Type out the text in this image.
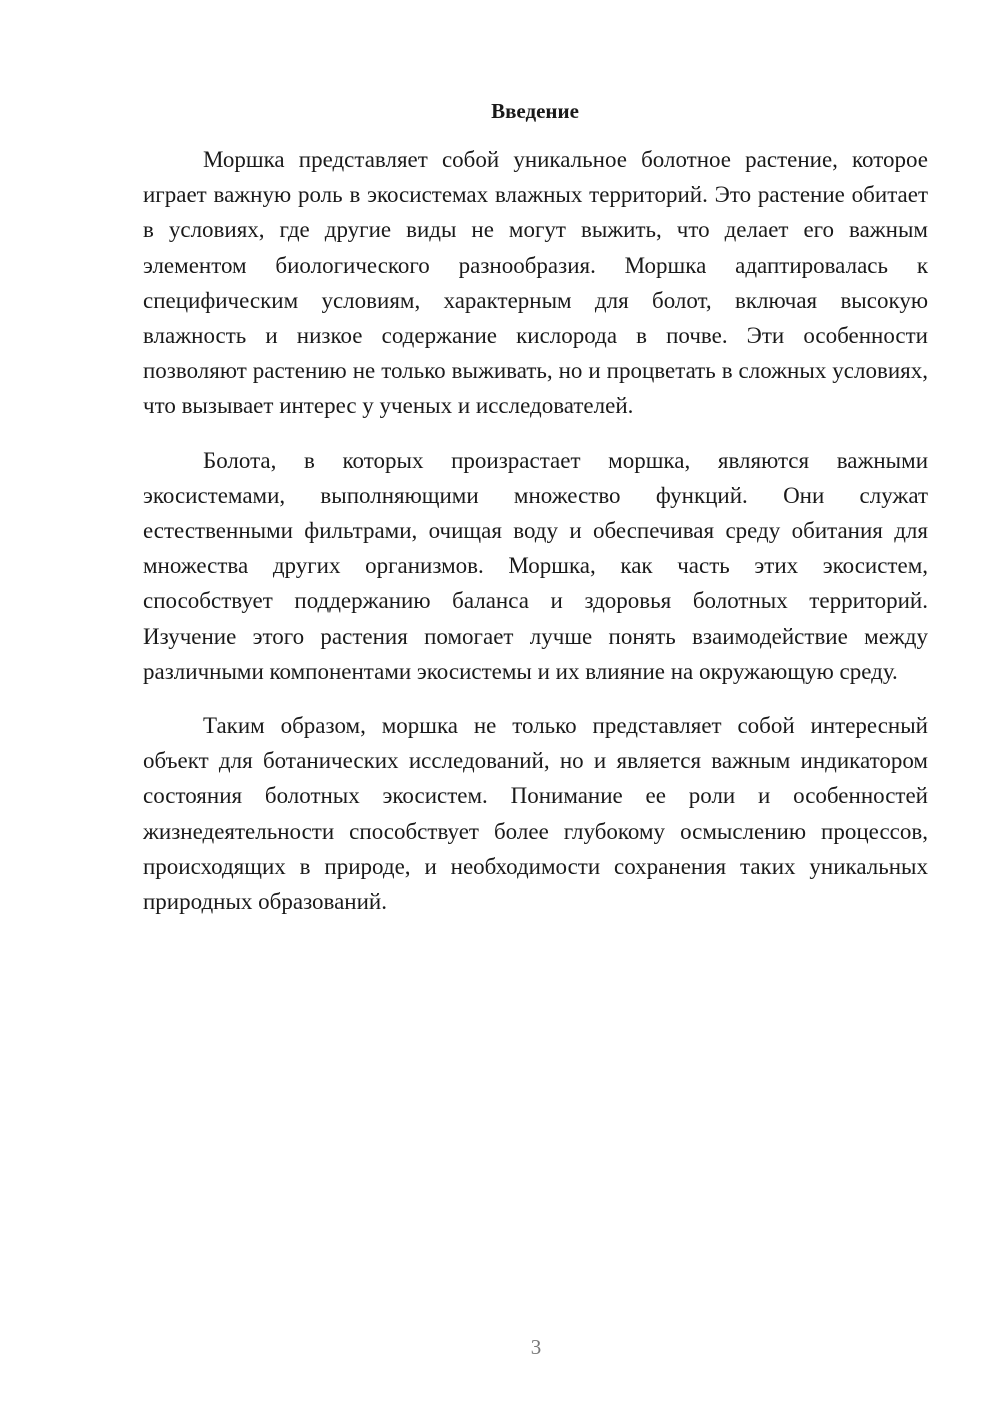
Введение

Моршка представляет собой уникальное болотное растение, которое играет важную роль в экосистемах влажных территорий. Это растение обитает в условиях, где другие виды не могут выжить, что делает его важным элементом биологического разнообразия. Моршка адаптировалась к специфическим условиям, характерным для болот, включая высокую влажность и низкое содержание кислорода в почве. Эти особенности позволяют растению не только выживать, но и процветать в сложных условиях, что вызывает интерес у ученых и исследователей.

Болота, в которых произрастает моршка, являются важными экосистемами, выполняющими множество функций. Они служат естественными фильтрами, очищая воду и обеспечивая среду обитания для множества других организмов. Моршка, как часть этих экосистем, способствует поддержанию баланса и здоровья болотных территорий. Изучение этого растения помогает лучше понять взаимодействие между различными компонентами экосистемы и их влияние на окружающую среду.

Таким образом, моршка не только представляет собой интересный объект для ботанических исследований, но и является важным индикатором состояния болотных экосистем. Понимание ее роли и особенностей жизнедеятельности способствует более глубокому осмыслению процессов, происходящих в природе, и необходимости сохранения таких уникальных природных образований.

3
